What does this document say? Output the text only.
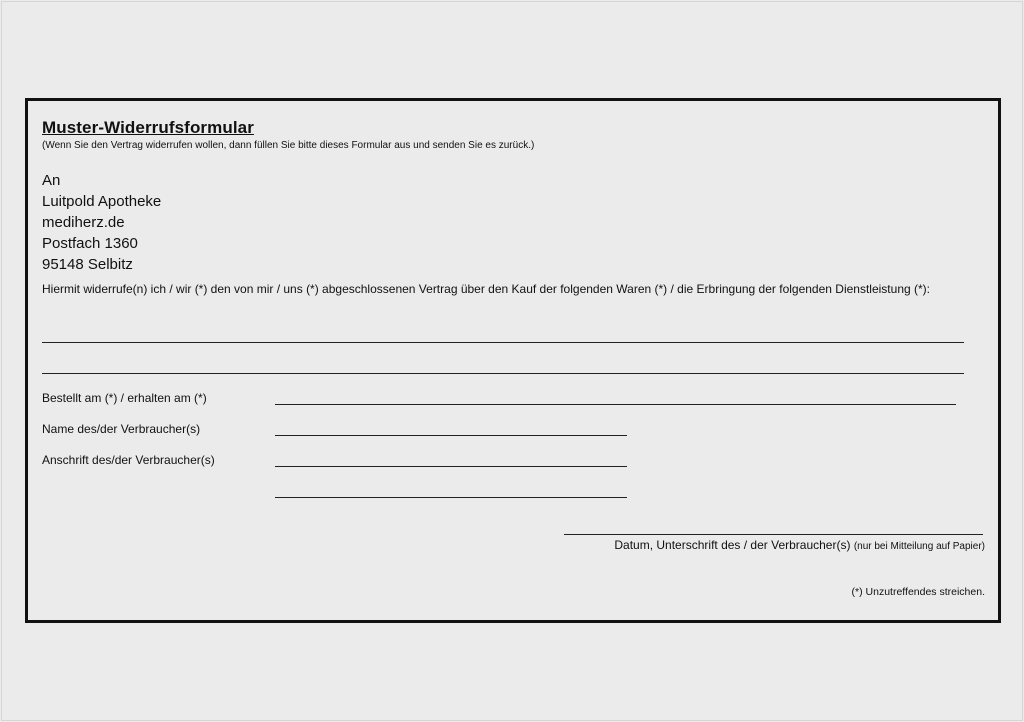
Muster-Widerrufsformular
(Wenn Sie den Vertrag widerrufen wollen, dann füllen Sie bitte dieses Formular aus und senden Sie es zurück.)
An
Luitpold Apotheke
mediherz.de
Postfach 1360
95148 Selbitz
Hiermit widerrufe(n) ich / wir (*) den von mir / uns (*) abgeschlossenen Vertrag über den Kauf der folgenden Waren (*) / die Erbringung der folgenden Dienstleistung (*):
Bestellt am (*) / erhalten am (*)
Name des/der Verbraucher(s)
Anschrift des/der Verbraucher(s)
Datum, Unterschrift des / der Verbraucher(s) (nur bei Mitteilung auf Papier)
(*) Unzutreffendes streichen.
